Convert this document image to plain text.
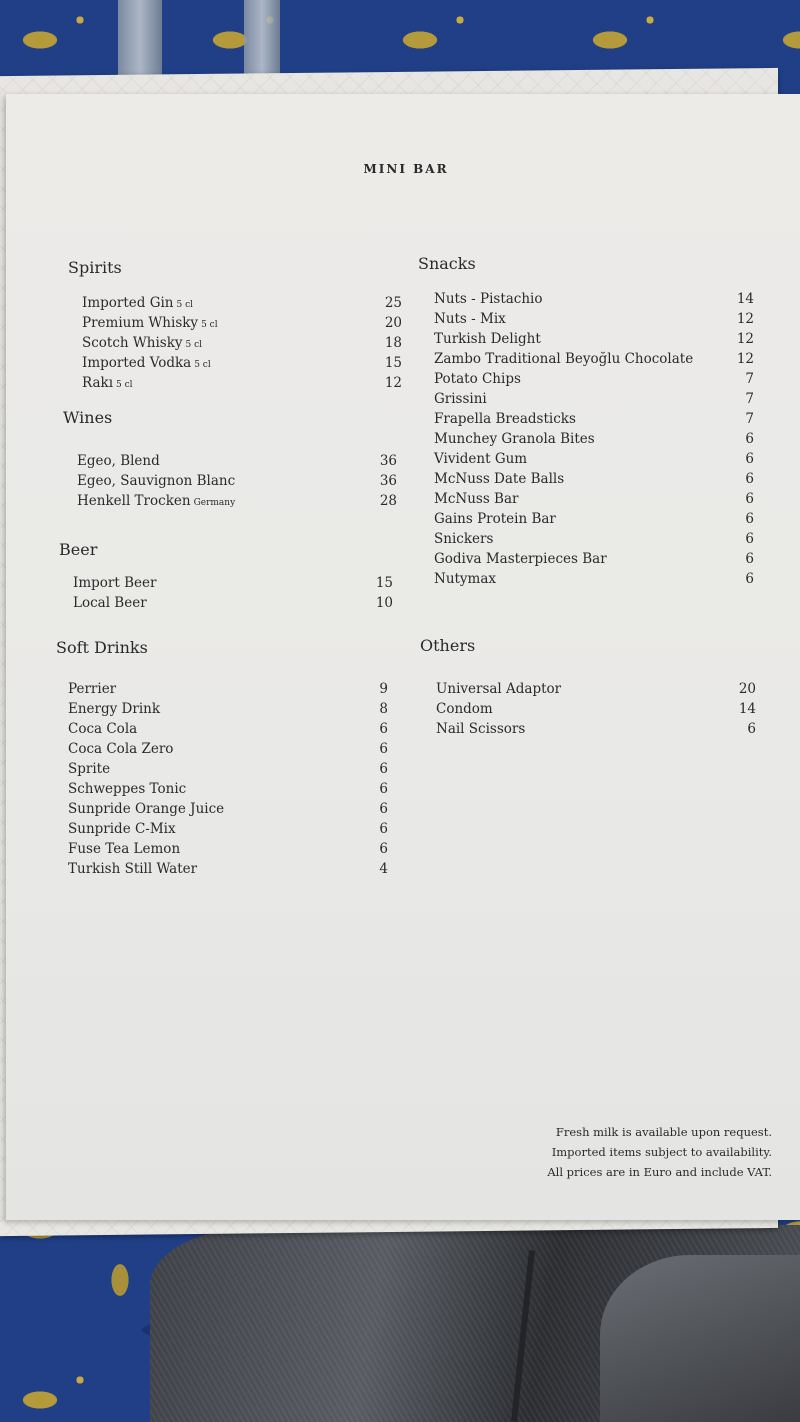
MINI BAR
Spirits
Imported Gin 5 cl	25
Premium Whisky 5 cl	20
Scotch Whisky 5 cl	18
Imported Vodka 5 cl	15
Rakı 5 cl	12
Wines
Egeo, Blend	36
Egeo, Sauvignon Blanc	36
Henkell Trocken Germany	28
Beer
Import Beer	15
Local Beer	10
Soft Drinks
Perrier	9
Energy Drink	8
Coca Cola	6
Coca Cola Zero	6
Sprite	6
Schweppes Tonic	6
Sunpride Orange Juice	6
Sunpride C-Mix	6
Fuse Tea Lemon	6
Turkish Still Water	4
Snacks
Nuts - Pistachio	14
Nuts - Mix	12
Turkish Delight	12
Zambo Traditional Beyoğlu Chocolate	12
Potato Chips	7
Grissini	7
Frapella Breadsticks	7
Munchey Granola Bites	6
Vivident Gum	6
McNuss Date Balls	6
McNuss Bar	6
Gains Protein Bar	6
Snickers	6
Godiva Masterpieces Bar	6
Nutymax	6
Others
Universal Adaptor	20
Condom	14
Nail Scissors	6
Fresh milk is available upon request.
Imported items subject to availability.
All prices are in Euro and include VAT.
